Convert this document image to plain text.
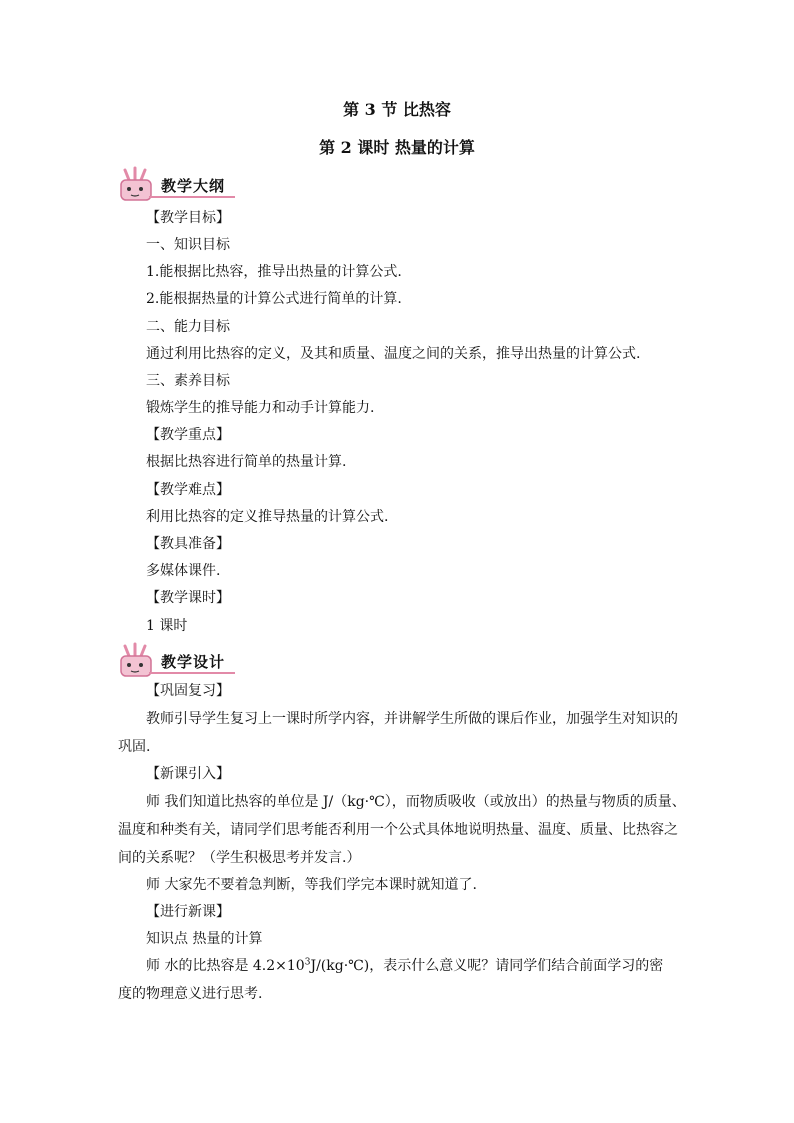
第 3 节 比热容
第 2 课时 热量的计算
教学大纲
【教学目标】
一、知识目标
1.能根据比热容，推导出热量的计算公式.
2.能根据热量的计算公式进行简单的计算.
二、能力目标
通过利用比热容的定义，及其和质量、温度之间的关系，推导出热量的计算公式.
三、素养目标
锻炼学生的推导能力和动手计算能力.
【教学重点】
根据比热容进行简单的热量计算.
【教学难点】
利用比热容的定义推导热量的计算公式.
【教具准备】
多媒体课件.
【教学课时】
1 课时
教学设计
【巩固复习】
教师引导学生复习上一课时所学内容，并讲解学生所做的课后作业，加强学生对知识的
巩固.
【新课引入】
师 我们知道比热容的单位是 J/（kg·℃），而物质吸收（或放出）的热量与物质的质量、
温度和种类有关，请同学们思考能否利用一个公式具体地说明热量、温度、质量、比热容之
间的关系呢？（学生积极思考并发言.）
师 大家先不要着急判断，等我们学完本课时就知道了.
【进行新课】
知识点 热量的计算
师 水的比热容是 $4.2\times 10^3J/(kg\cdot℃)$，表示什么意义呢？请同学们结合前面学习的密
度的物理意义进行思考.
